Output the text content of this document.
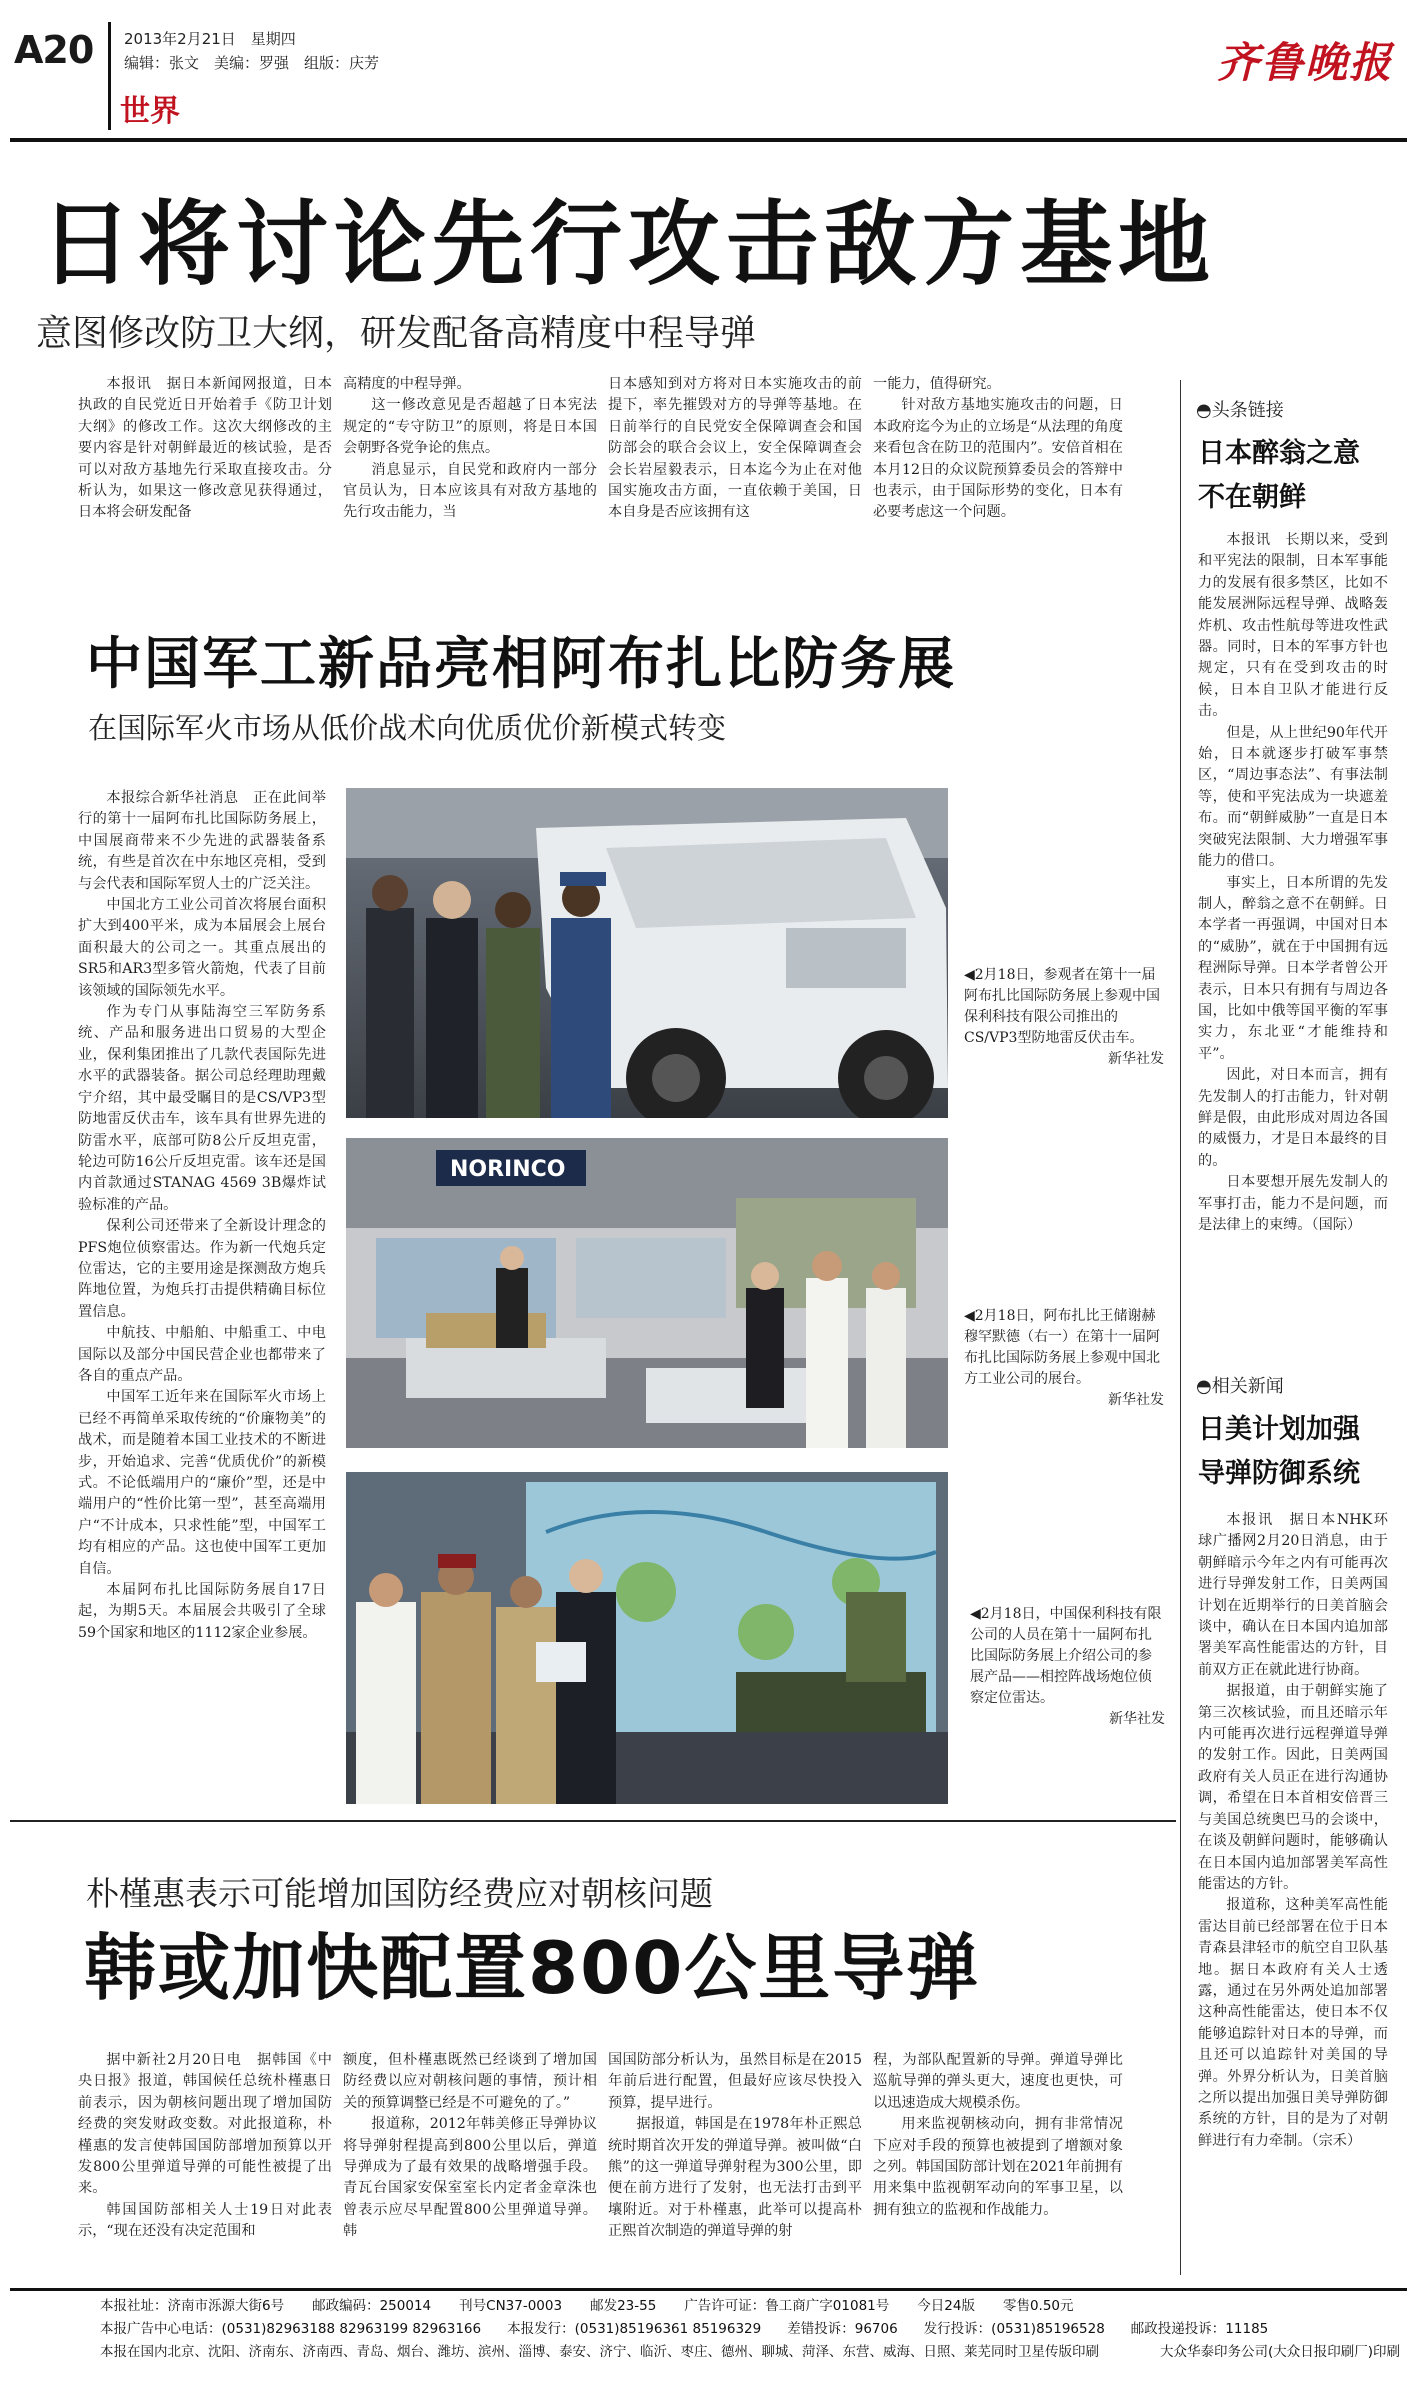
A20 2013年2月21日　星期四
编辑：张文　美编：罗强　组版：庆芳
世界
齐鲁晚报
日将讨论先行攻击敌方基地
意图修改防卫大纲，研发配备高精度中程导弹

本报讯　据日本新闻网报道，日本执政的自民党近日开始着手《防卫计划大纲》的修改工作。这次大纲修改的主要内容是针对朝鲜最近的核试验，是否可以对敌方基地先行采取直接攻击。分析认为，如果这一修改意见获得通过，日本将会研发配备

高精度的中程导弹。

这一修改意见是否超越了日本宪法规定的“专守防卫”的原则，将是日本国会朝野各党争论的焦点。

消息显示，自民党和政府内一部分官员认为，日本应该具有对敌方基地的先行攻击能力，当

日本感知到对方将对日本实施攻击的前提下，率先摧毁对方的导弹等基地。在日前举行的自民党安全保障调查会和国防部会的联合会议上，安全保障调查会会长岩屋毅表示，日本迄今为止在对他国实施攻击方面，一直依赖于美国，日本自身是否应该拥有这

一能力，值得研究。

针对敌方基地实施攻击的问题，日本政府迄今为止的立场是“从法理的角度来看包含在防卫的范围内”。安倍首相在本月12日的众议院预算委员会的答辩中也表示，由于国际形势的变化，日本有必要考虑这一个问题。

◓头条链接
日本醉翁之意
不在朝鲜

本报讯　长期以来，受到和平宪法的限制，日本军事能力的发展有很多禁区，比如不能发展洲际远程导弹、战略轰炸机、攻击性航母等进攻性武器。同时，日本的军事方针也规定，只有在受到攻击的时候，日本自卫队才能进行反击。

但是，从上世纪90年代开始，日本就逐步打破军事禁区，“周边事态法”、有事法制等，使和平宪法成为一块遮羞布。而“朝鲜威胁”一直是日本突破宪法限制、大力增强军事能力的借口。

事实上，日本所谓的先发制人，醉翁之意不在朝鲜。日本学者一再强调，中国对日本的“威胁”，就在于中国拥有远程洲际导弹。日本学者曾公开表示，日本只有拥有与周边各国，比如中俄等国平衡的军事实力，东北亚“才能维持和平”。

因此，对日本而言，拥有先发制人的打击能力，针对朝鲜是假，由此形成对周边各国的威慑力，才是日本最终的目的。

日本要想开展先发制人的军事打击，能力不是问题，而是法律上的束缚。（国际）

◓相关新闻
日美计划加强
导弹防御系统

本报讯　据日本NHK环球广播网2月20日消息，由于朝鲜暗示今年之内有可能再次进行导弹发射工作，日美两国计划在近期举行的日美首脑会谈中，确认在日本国内追加部署美军高性能雷达的方针，目前双方正在就此进行协商。

据报道，由于朝鲜实施了第三次核试验，而且还暗示年内可能再次进行远程弹道导弹的发射工作。因此，日美两国政府有关人员正在进行沟通协调，希望在日本首相安倍晋三与美国总统奥巴马的会谈中，在谈及朝鲜问题时，能够确认在日本国内追加部署美军高性能雷达的方针。

报道称，这种美军高性能雷达目前已经部署在位于日本青森县津轻市的航空自卫队基地。据日本政府有关人士透露，通过在另外两处追加部署这种高性能雷达，使日本不仅能够追踪针对日本的导弹，而且还可以追踪针对美国的导弹。外界分析认为，日美首脑之所以提出加强日美导弹防御系统的方针，目的是为了对朝鲜进行有力牵制。（宗禾）

中国军工新品亮相阿布扎比防务展
在国际军火市场从低价战术向优质优价新模式转变

本报综合新华社消息　正在此间举行的第十一届阿布扎比国际防务展上，中国展商带来不少先进的武器装备系统，有些是首次在中东地区亮相，受到与会代表和国际军贸人士的广泛关注。

中国北方工业公司首次将展台面积扩大到400平米，成为本届展会上展台面积最大的公司之一。其重点展出的SR5和AR3型多管火箭炮，代表了目前该领域的国际领先水平。

作为专门从事陆海空三军防务系统、产品和服务进出口贸易的大型企业，保利集团推出了几款代表国际先进水平的武器装备。据公司总经理助理戴宁介绍，其中最受瞩目的是CS/VP3型防地雷反伏击车，该车具有世界先进的防雷水平，底部可防8公斤反坦克雷，轮边可防16公斤反坦克雷。该车还是国内首款通过STANAG 4569 3B爆炸试验标准的产品。

保利公司还带来了全新设计理念的PFS炮位侦察雷达。作为新一代炮兵定位雷达，它的主要用途是探测敌方炮兵阵地位置，为炮兵打击提供精确目标位置信息。

中航技、中船舶、中船重工、中电国际以及部分中国民营企业也都带来了各自的重点产品。

中国军工近年来在国际军火市场上已经不再简单采取传统的“价廉物美”的战术，而是随着本国工业技术的不断进步，开始追求、完善“优质优价”的新模式。不论低端用户的“廉价”型，还是中端用户的“性价比第一型”，甚至高端用户“不计成本，只求性能”型，中国军工均有相应的产品。这也使中国军工更加自信。

本届阿布扎比国际防务展自17日起，为期5天。本届展会共吸引了全球59个国家和地区的1112家企业参展。

◀2月18日，参观者在第十一届阿布扎比国际防务展上参观中国保利科技有限公司推出的CS/VP3型防地雷反伏击车。
新华社发
NORINCO
◀2月18日，阿布扎比王储谢赫穆罕默德（右一）在第十一届阿布扎比国际防务展上参观中国北方工业公司的展台。
新华社发
◀2月18日，中国保利科技有限公司的人员在第十一届阿布扎比国际防务展上介绍公司的参展产品——相控阵战场炮位侦察定位雷达。
新华社发
朴槿惠表示可能增加国防经费应对朝核问题
韩或加快配置800公里导弹

据中新社2月20日电　据韩国《中央日报》报道，韩国候任总统朴槿惠日前表示，因为朝核问题出现了增加国防经费的突发财政变数。对此报道称，朴槿惠的发言使韩国国防部增加预算以开发800公里弹道导弹的可能性被提了出来。

韩国国防部相关人士19日对此表示，“现在还没有决定范围和

额度，但朴槿惠既然已经谈到了增加国防经费以应对朝核问题的事情，预计相关的预算调整已经是不可避免的了。”

报道称，2012年韩美修正导弹协议将导弹射程提高到800公里以后，弹道导弹成为了最有效果的战略增强手段。青瓦台国家安保室室长内定者金章洙也曾表示应尽早配置800公里弹道导弹。韩

国国防部分析认为，虽然目标是在2015年前后进行配置，但最好应该尽快投入预算，提早进行。

据报道，韩国是在1978年朴正熙总统时期首次开发的弹道导弹。被叫做“白熊”的这一弹道导弹射程为300公里，即便在前方进行了发射，也无法打击到平壤附近。对于朴槿惠，此举可以提高朴正熙首次制造的弹道导弹的射

程，为部队配置新的导弹。弹道导弹比巡航导弹的弹头更大，速度也更快，可以迅速造成大规模杀伤。

用来监视朝核动向，拥有非常情况下应对手段的预算也被提到了增额对象之列。韩国国防部计划在2021年前拥有用来集中监视朝军动向的军事卫星，以拥有独立的监视和作战能力。

本报社址：济南市泺源大街6号 邮政编码：250014 刊号CN37-0003 邮发23-55 广告许可证：鲁工商广字01081号 今日24版 零售0.50元
本报广告中心电话：(0531)82963188 82963199 82963166 本报发行：(0531)85196361 85196329 差错投诉：96706 发行投诉：(0531)85196528 邮政投递投诉：11185
本报在国内北京、沈阳、济南东、济南西、青岛、烟台、潍坊、滨州、淄博、泰安、济宁、临沂、枣庄、德州、聊城、菏泽、东营、威海、日照、莱芜同时卫星传版印刷	大众华泰印务公司(大众日报印刷厂)印刷
